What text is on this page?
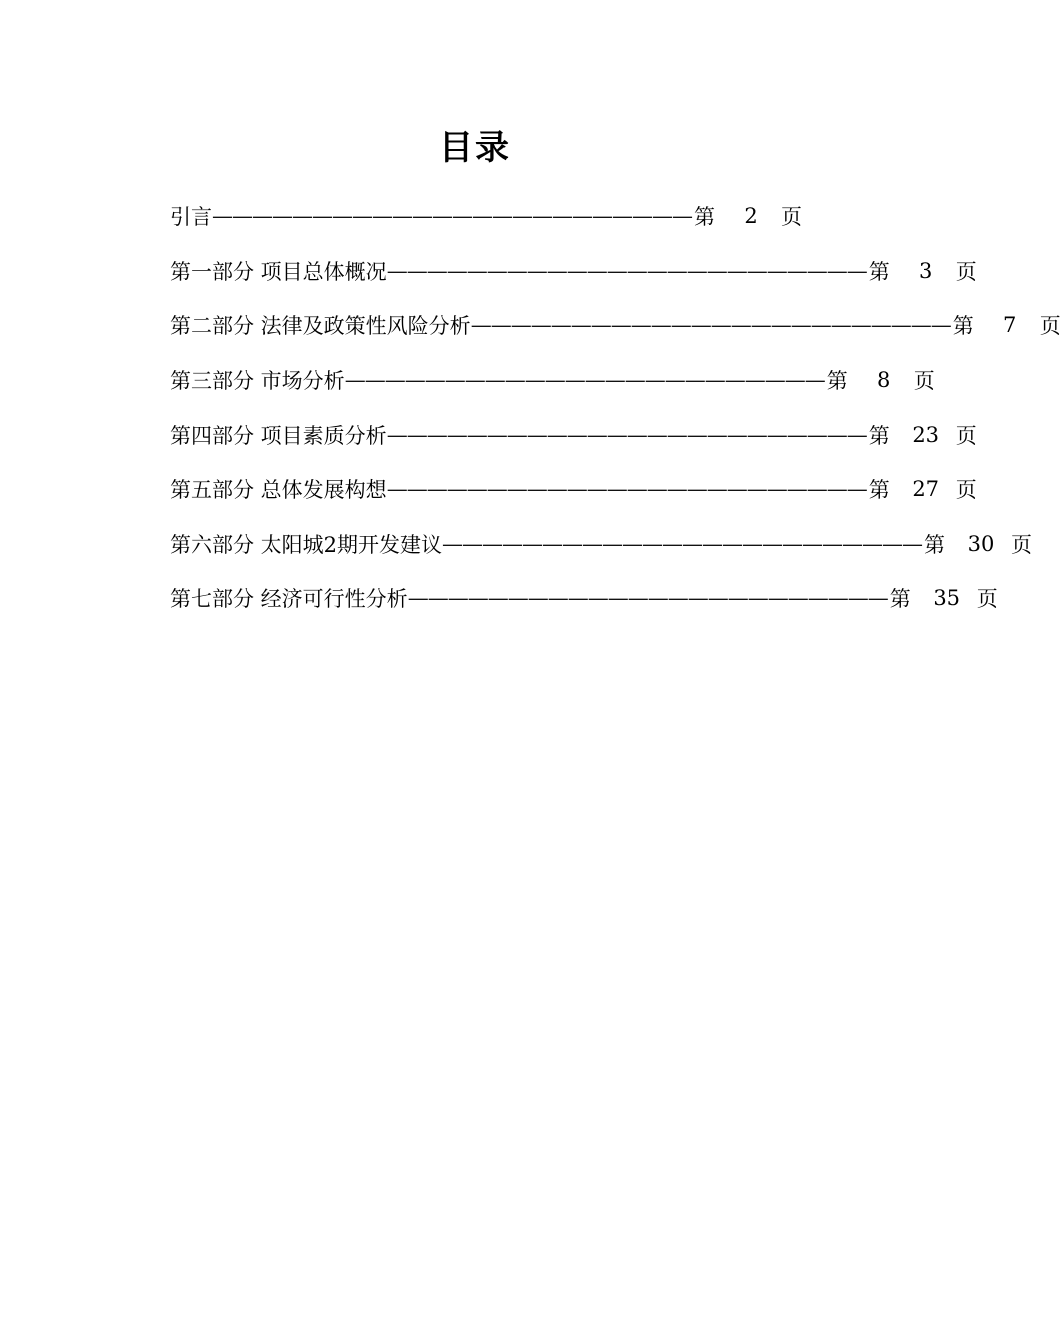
目录
引言 ———————————————————————— 第	2	页
第一部分 项目总体概况 ———————————————————————— 第	3	页
第二部分 法律及政策性风险分析 ———————————————————————— 第	7	页
第三部分 市场分析 ———————————————————————— 第	8	页
第四部分 项目素质分析 ———————————————————————— 第	23 页
第五部分 总体发展构想 ———————————————————————— 第	27 页
第六部分 太阳城2期开发建议 ———————————————————————— 第	30 页
第七部分 经济可行性分析 ———————————————————————— 第	35 页
